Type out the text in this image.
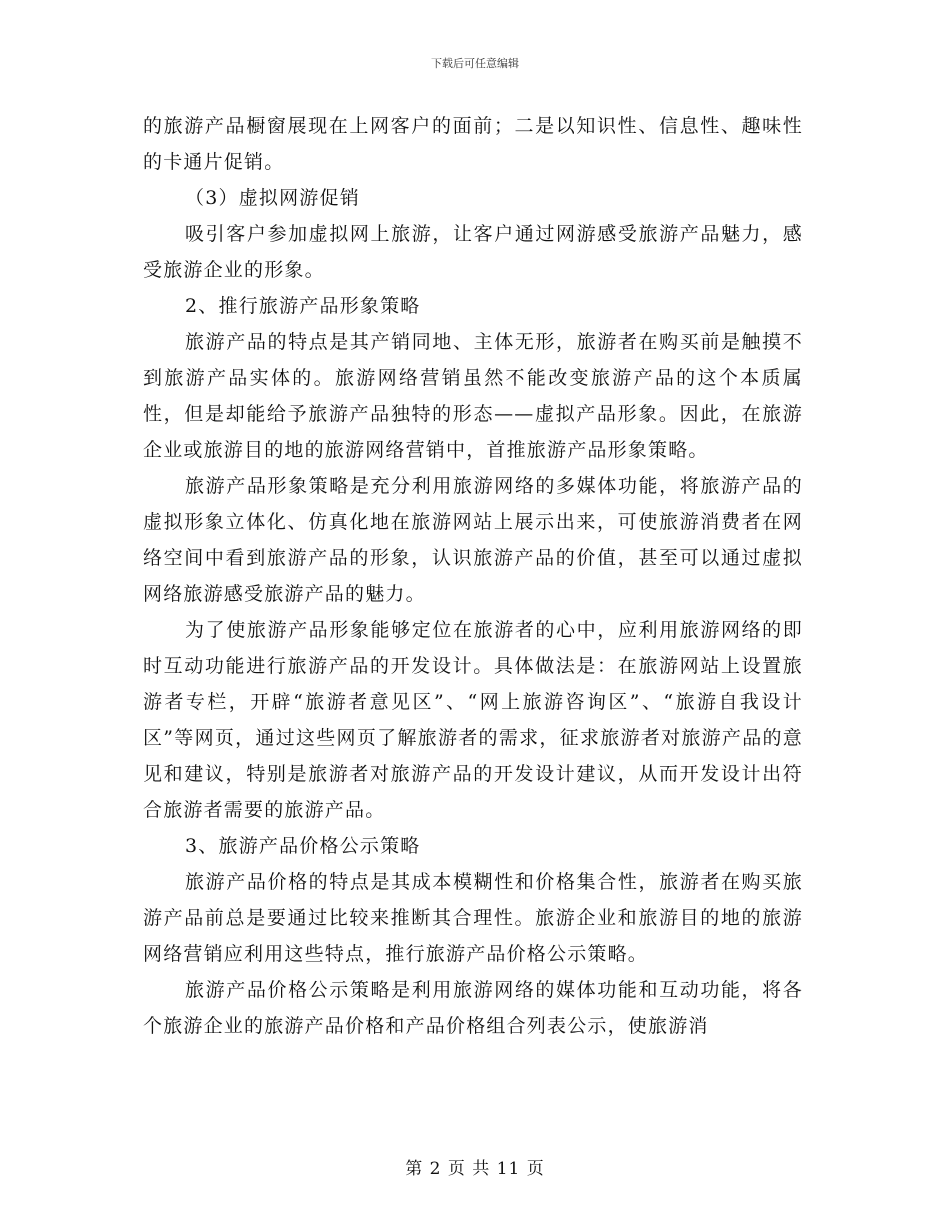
下载后可任意编辑

的旅游产品橱窗展现在上网客户的面前；二是以知识性、信息性、趣味性的卡通片促销。

（3）虚拟网游促销

吸引客户参加虚拟网上旅游，让客户通过网游感受旅游产品魅力，感受旅游企业的形象。

2、推行旅游产品形象策略

旅游产品的特点是其产销同地、主体无形，旅游者在购买前是触摸不到旅游产品实体的。旅游网络营销虽然不能改变旅游产品的这个本质属性，但是却能给予旅游产品独特的形态——虚拟产品形象。因此，在旅游企业或旅游目的地的旅游网络营销中，首推旅游产品形象策略。

旅游产品形象策略是充分利用旅游网络的多媒体功能，将旅游产品的虚拟形象立体化、仿真化地在旅游网站上展示出来，可使旅游消费者在网络空间中看到旅游产品的形象，认识旅游产品的价值，甚至可以通过虚拟网络旅游感受旅游产品的魅力。

为了使旅游产品形象能够定位在旅游者的心中，应利用旅游网络的即时互动功能进行旅游产品的开发设计。具体做法是：在旅游网站上设置旅游者专栏，开辟“旅游者意见区”、“网上旅游咨询区”、“旅游自我设计区”等网页，通过这些网页了解旅游者的需求，征求旅游者对旅游产品的意见和建议，特别是旅游者对旅游产品的开发设计建议，从而开发设计出符合旅游者需要的旅游产品。

3、旅游产品价格公示策略

旅游产品价格的特点是其成本模糊性和价格集合性，旅游者在购买旅游产品前总是要通过比较来推断其合理性。旅游企业和旅游目的地的旅游网络营销应利用这些特点，推行旅游产品价格公示策略。

旅游产品价格公示策略是利用旅游网络的媒体功能和互动功能，将各个旅游企业的旅游产品价格和产品价格组合列表公示，使旅游消

第 2 页 共 11 页
